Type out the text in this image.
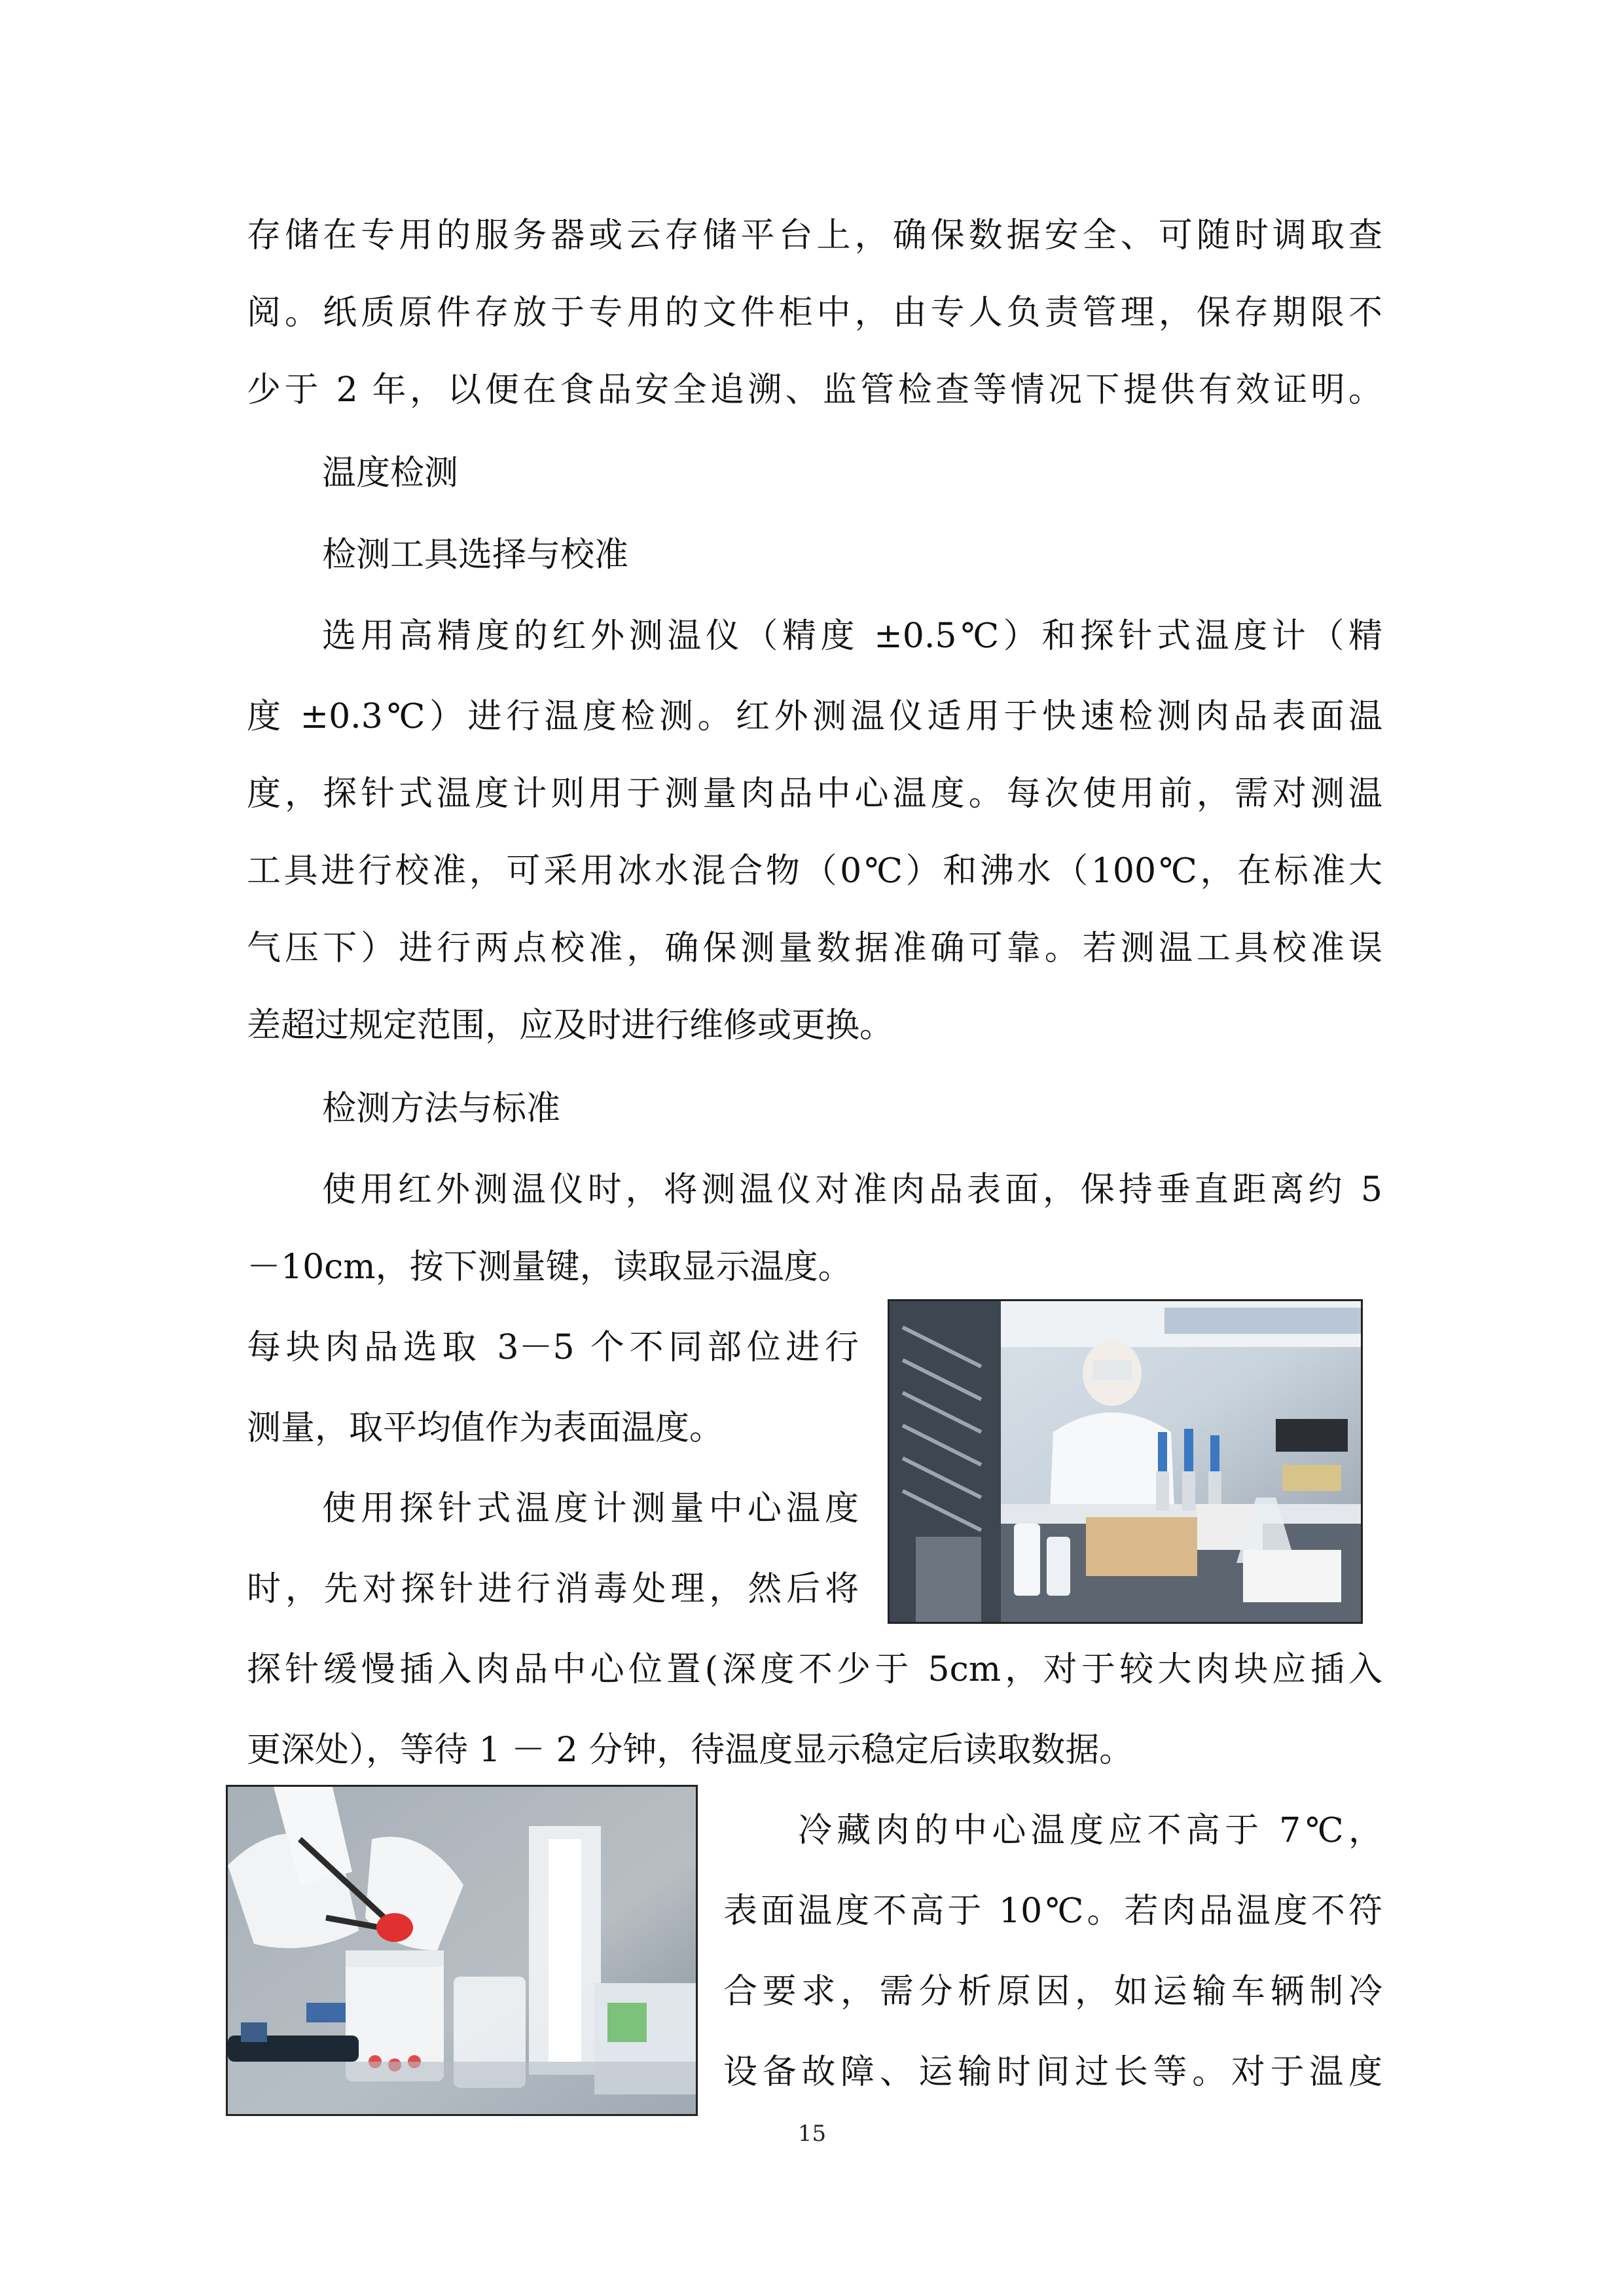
存储在专用的服务器或云存储平台上，确保数据安全、可随时调取查
阅。纸质原件存放于专用的文件柜中，由专人负责管理，保存期限不
少于 2 年，以便在食品安全追溯、监管检查等情况下提供有效证明。
温度检测
检测工具选择与校准
选用高精度的红外测温仪（精度 ±0.5℃）和探针式温度计（精
度 ±0.3℃）进行温度检测。红外测温仪适用于快速检测肉品表面温
度，探针式温度计则用于测量肉品中心温度。每次使用前，需对测温
工具进行校准，可采用冰水混合物（0℃）和沸水（100℃，在标准大
气压下）进行两点校准，确保测量数据准确可靠。若测温工具校准误
差超过规定范围，应及时进行维修或更换。
检测方法与标准
使用红外测温仪时，将测温仪对准肉品表面，保持垂直距离约 5
－10cm，按下测量键，读取显示温度。
每块肉品选取 3－5 个不同部位进行
测量，取平均值作为表面温度。
使用探针式温度计测量中心温度
时，先对探针进行消毒处理，然后将
探针缓慢插入肉品中心位置(深度不少于 5cm，对于较大肉块应插入
更深处），等待 1 － 2 分钟，待温度显示稳定后读取数据。
冷藏肉的中心温度应不高于 7℃，
表面温度不高于 10℃。若肉品温度不符
合要求，需分析原因，如运输车辆制冷
设备故障、运输时间过长等。对于温度
15
